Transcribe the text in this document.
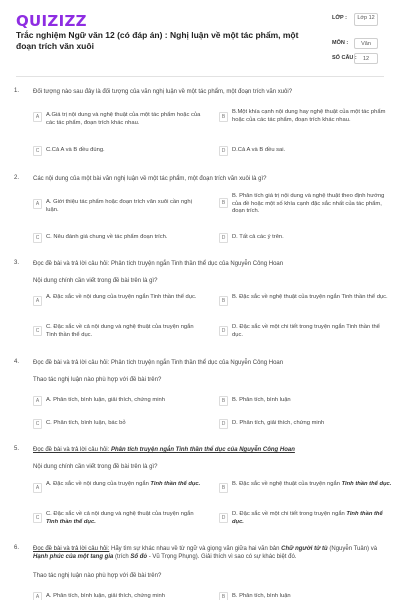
QUIZIZZ
Trắc nghiệm Ngữ văn 12 (có đáp án) : Nghị luận về một tác phẩm, một đoạn trích văn xuôi
LỚP :	Lớp 12
MÔN :	Văn
SỐ CÂU :	12
1. Đối tượng nào sau đây là đối tượng của văn nghị luận về một tác phẩm, một đoạn trích văn xuôi?
A	A.Giá trị nội dung và nghệ thuật của một tác phẩm hoặc của các tác phẩm, đoạn trích khác nhau.
B
B.Một khía cạnh nội dung hay nghệ thuật của một tác phẩm hoặc của các tác phẩm, đoạn trích khác nhau.
C	C.Cả A và B đều đúng.	D	D.Cả A và B đều sai.
2. Các nội dung của một bài văn nghị luận về một tác phẩm, một đoạn trích văn xuôi là gì?
A	A. Giới thiệu tác phẩm hoặc đoạn trích văn xuôi cần nghị luận.
B
B. Phân tích giá trị nội dung và nghệ thuật theo định hướng của đề hoặc một số khía cạnh đặc sắc nhất của tác phẩm, đoạn trích.
C	C. Nêu đánh giá chung về tác phẩm đoạn trích.	D	D. Tất cả các ý trên.
3. Đọc đề bài và trả lời câu hỏi: Phân tích truyện ngắn Tinh thần thể dục của Nguyễn Công Hoan
Nội dung chính cần viết trong đề bài trên là gì?
A
A. Đặc sắc về nội dung của truyện ngắn Tinh thần thể dục.
B
B. Đặc sắc về nghệ thuật của truyện ngắn Tinh thần thể dục.
C
C. Đặc sắc về cả nội dung và nghệ thuật của truyện ngắn Tinh thần thể dục.
D
D. Đặc sắc về một chi tiết trong truyện ngắn Tinh thần thể dục.
4. Đọc đề bài và trả lời câu hỏi: Phân tích truyện ngắn Tinh thần thể dục của Nguyễn Công Hoan
Thao tác nghị luận nào phù hợp với đề bài trên?
A	A. Phân tích, bình luận, giải thích, chứng minh	B	B. Phân tích, bình luận
C	C. Phân tích, bình luận, bác bỏ	D	D. Phân tích, giải thích, chứng minh
5. Đọc đề bài và trả lời câu hỏi: Phân tích truyện ngắn Tinh thần thể dục của Nguyễn Công Hoan
Nội dung chính cần viết trong đề bài trên là gì?
A
A. Đặc sắc về nội dung của truyện ngắn Tinh thần thể dục.
B
B. Đặc sắc về nghệ thuật của truyện ngắn Tinh thần thể dục.
C
C. Đặc sắc về cả nội dung và nghệ thuật của truyện ngắn Tinh thần thể dục.
D
D. Đặc sắc về một chi tiết trong truyện ngắn Tinh thần thể dục.
6. Đọc đề bài và trả lời câu hỏi: Hãy tìm sự khác nhau về từ ngữ và giọng văn giữa hai văn bản Chữ người tử tù (Nguyễn Tuân) và Hạnh phúc của một tang gia (trích Số đỏ - Vũ Trọng Phụng). Giải thích vì sao có sự khác biệt đó.
Thao tác nghị luận nào phù hợp với đề bài trên?
A	A. Phân tích, bình luận, giải thích, chứng minh	B	B. Phân tích, bình luận
